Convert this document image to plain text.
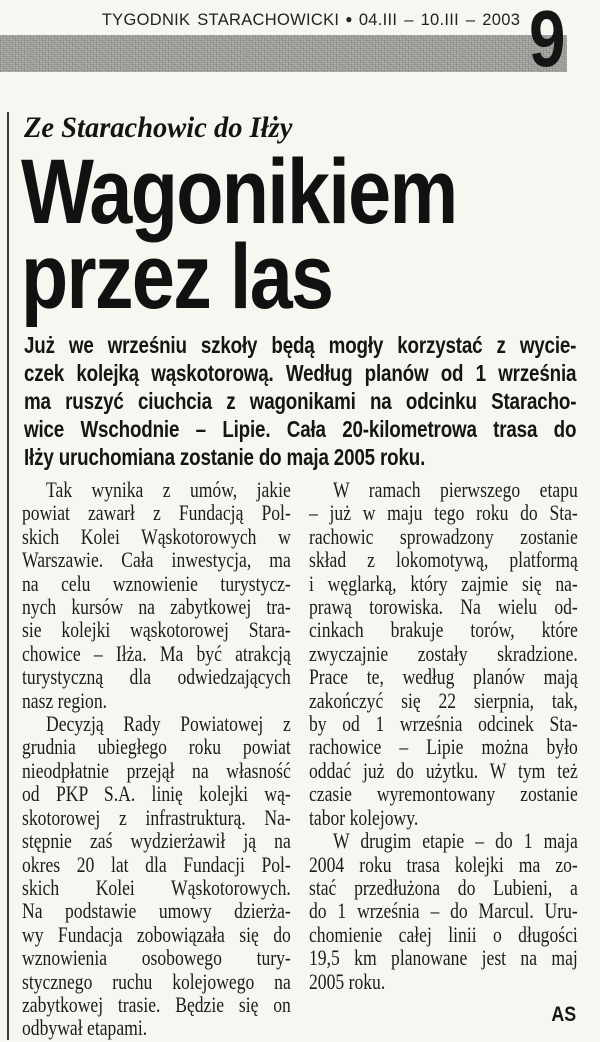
TYGODNIK STARACHOWICKI ● 04.III – 10.III – 2003 9
Ze Starachowic do Iłży
Wagonikiem
przez las
Już we wrześniu szkoły będą mogły korzystać z wycie-
czek kolejką wąskotorową. Według planów od 1 września
ma ruszyć ciuchcia z wagonikami na odcinku Staracho-
wice Wschodnie – Lipie. Cała 20-kilometrowa trasa do
Iłży uruchomiana zostanie do maja 2005 roku.
Tak wynika z umów, jakie
powiat zawarł z Fundacją Pol-
skich Kolei Wąskotorowych w
Warszawie. Cała inwestycja, ma
na celu wznowienie turystycz-
nych kursów na zabytkowej tra-
sie kolejki wąskotorowej Stara-
chowice – Iłża. Ma być atrakcją
turystyczną dla odwiedzających
nasz region.
Decyzją Rady Powiatowej z
grudnia ubiegłego roku powiat
nieodpłatnie przejął na własność
od PKP S.A. linię kolejki wą-
skotorowej z infrastrukturą. Na-
stępnie zaś wydzierżawił ją na
okres 20 lat dla Fundacji Pol-
skich Kolei Wąskotorowych.
Na podstawie umowy dzierża-
wy Fundacja zobowiązała się do
wznowienia osobowego tury-
stycznego ruchu kolejowego na
zabytkowej trasie. Będzie się on
odbywał etapami.
W ramach pierwszego etapu
– już w maju tego roku do Sta-
rachowic sprowadzony zostanie
skład z lokomotywą, platformą
i węglarką, który zajmie się na-
prawą torowiska. Na wielu od-
cinkach brakuje torów, które
zwyczajnie zostały skradzione.
Prace te, według planów mają
zakończyć się 22 sierpnia, tak,
by od 1 września odcinek Sta-
rachowice – Lipie można było
oddać już do użytku. W tym też
czasie wyremontowany zostanie
tabor kolejowy.
W drugim etapie – do 1 maja
2004 roku trasa kolejki ma zo-
stać przedłużona do Lubieni, a
do 1 września – do Marcul. Uru-
chomienie całej linii o długości
19,5 km planowane jest na maj
2005 roku.
AS
